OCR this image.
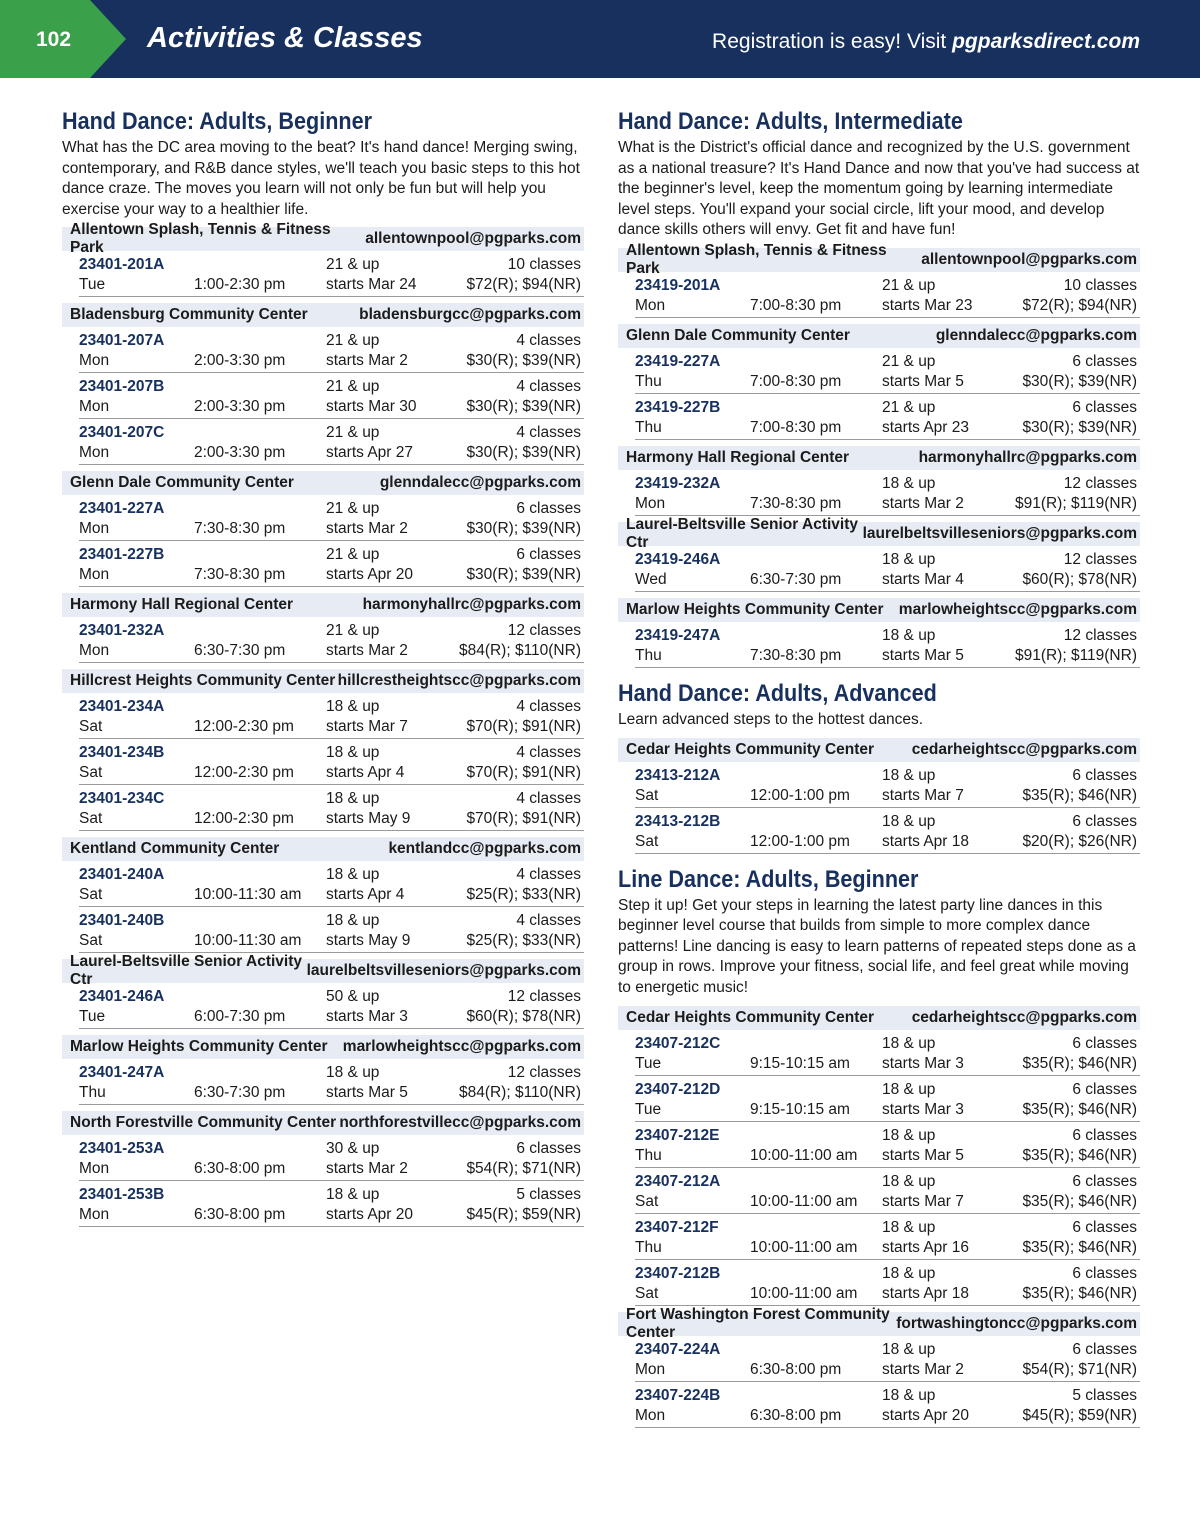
102	Activities & Classes	Registration is easy! Visit pgparksdirect.com
Hand Dance: Adults, Beginner
What has the DC area moving to the beat? It's hand dance! Merging swing, contemporary, and R&B dance styles, we'll teach you basic steps to this hot dance craze. The moves you learn will not only be fun but will help you exercise your way to a healthier life.
Allentown Splash, Tennis & Fitness Park
allentownpool@pgparks.com
23401-201A	21 & up	10 classes
Tue	1:00-2:30 pm	starts Mar 24	$72(R); $94(NR)
Bladensburg Community Center	bladensburgcc@pgparks.com
23401-207A	21 & up	4 classes
Mon	2:00-3:30 pm	starts Mar 2	$30(R); $39(NR)
23401-207B	21 & up	4 classes
Mon	2:00-3:30 pm	starts Mar 30	$30(R); $39(NR)
23401-207C	21 & up	4 classes
Mon	2:00-3:30 pm	starts Apr 27	$30(R); $39(NR)
Glenn Dale Community Center	glenndalecc@pgparks.com
23401-227A	21 & up	6 classes
Mon	7:30-8:30 pm	starts Mar 2	$30(R); $39(NR)
23401-227B	21 & up	6 classes
Mon	7:30-8:30 pm	starts Apr 20	$30(R); $39(NR)
Harmony Hall Regional Center	harmonyhallrc@pgparks.com
23401-232A	21 & up	12 classes
Mon	6:30-7:30 pm	starts Mar 2	$84(R); $110(NR)
Hillcrest Heights Community Center hillcrestheightscc@pgparks.com
23401-234A	18 & up	4 classes
Sat	12:00-2:30 pm	starts Mar 7	$70(R); $91(NR)
23401-234B	18 & up	4 classes
Sat	12:00-2:30 pm	starts Apr 4	$70(R); $91(NR)
23401-234C	18 & up	4 classes
Sat	12:00-2:30 pm	starts May 9	$70(R); $91(NR)
Kentland Community Center	kentlandcc@pgparks.com
23401-240A	18 & up	4 classes
Sat	10:00-11:30 am	starts Apr 4	$25(R); $33(NR)
23401-240B	18 & up	4 classes
Sat	10:00-11:30 am	starts May 9	$25(R); $33(NR)
Laurel-Beltsville Senior Activity Ctr
laurelbeltsvilleseniors@pgparks.com
23401-246A	50 & up	12 classes
Tue	6:00-7:30 pm	starts Mar 3	$60(R); $78(NR)
Marlow Heights Community Center marlowheightscc@pgparks.com
23401-247A	18 & up	12 classes
Thu	6:30-7:30 pm	starts Mar 5	$84(R); $110(NR)
North Forestville Community Center northforestvillecc@pgparks.com
23401-253A	30 & up	6 classes
Mon	6:30-8:00 pm	starts Mar 2	$54(R); $71(NR)
23401-253B	18 & up	5 classes
Mon	6:30-8:00 pm	starts Apr 20	$45(R); $59(NR)
Hand Dance: Adults, Intermediate
What is the District's official dance and recognized by the U.S. government as a national treasure? It's Hand Dance and now that you've had success at the beginner's level, keep the momentum going by learning intermediate level steps. You'll expand your social circle, lift your mood, and develop dance skills others will envy. Get fit and have fun!
Allentown Splash, Tennis & Fitness Park
allentownpool@pgparks.com
23419-201A	21 & up	10 classes
Mon	7:00-8:30 pm	starts Mar 23	$72(R); $94(NR)
Glenn Dale Community Center	glenndalecc@pgparks.com
23419-227A	21 & up	6 classes
Thu	7:00-8:30 pm	starts Mar 5	$30(R); $39(NR)
23419-227B	21 & up	6 classes
Thu	7:00-8:30 pm	starts Apr 23	$30(R); $39(NR)
Harmony Hall Regional Center	harmonyhallrc@pgparks.com
23419-232A	18 & up	12 classes
Mon	7:30-8:30 pm	starts Mar 2	$91(R); $119(NR)
Laurel-Beltsville Senior Activity Ctr
laurelbeltsvilleseniors@pgparks.com
23419-246A	18 & up	12 classes
Wed	6:30-7:30 pm	starts Mar 4	$60(R); $78(NR)
Marlow Heights Community Center marlowheightscc@pgparks.com
23419-247A	18 & up	12 classes
Thu	7:30-8:30 pm	starts Mar 5	$91(R); $119(NR)
Hand Dance: Adults, Advanced
Learn advanced steps to the hottest dances.
Cedar Heights Community Center cedarheightscc@pgparks.com
23413-212A	18 & up	6 classes
Sat	12:00-1:00 pm	starts Mar 7	$35(R); $46(NR)
23413-212B	18 & up	6 classes
Sat	12:00-1:00 pm	starts Apr 18	$20(R); $26(NR)
Line Dance: Adults, Beginner
Step it up! Get your steps in learning the latest party line dances in this beginner level course that builds from simple to more complex dance patterns! Line dancing is easy to learn patterns of repeated steps done as a group in rows. Improve your fitness, social life, and feel great while moving to energetic music!
Cedar Heights Community Center cedarheightscc@pgparks.com
23407-212C	18 & up	6 classes
Tue	9:15-10:15 am	starts Mar 3	$35(R); $46(NR)
23407-212D	18 & up	6 classes
Tue	9:15-10:15 am	starts Mar 3	$35(R); $46(NR)
23407-212E	18 & up	6 classes
Thu	10:00-11:00 am	starts Mar 5	$35(R); $46(NR)
23407-212A	18 & up	6 classes
Sat	10:00-11:00 am	starts Mar 7	$35(R); $46(NR)
23407-212F	18 & up	6 classes
Thu	10:00-11:00 am	starts Apr 16	$35(R); $46(NR)
23407-212B	18 & up	6 classes
Sat	10:00-11:00 am	starts Apr 18	$35(R); $46(NR)
Fort Washington Forest Community Center
fortwashingtoncc@pgparks.com
23407-224A	18 & up	6 classes
Mon	6:30-8:00 pm	starts Mar 2	$54(R); $71(NR)
23407-224B	18 & up	5 classes
Mon	6:30-8:00 pm	starts Apr 20	$45(R); $59(NR)
